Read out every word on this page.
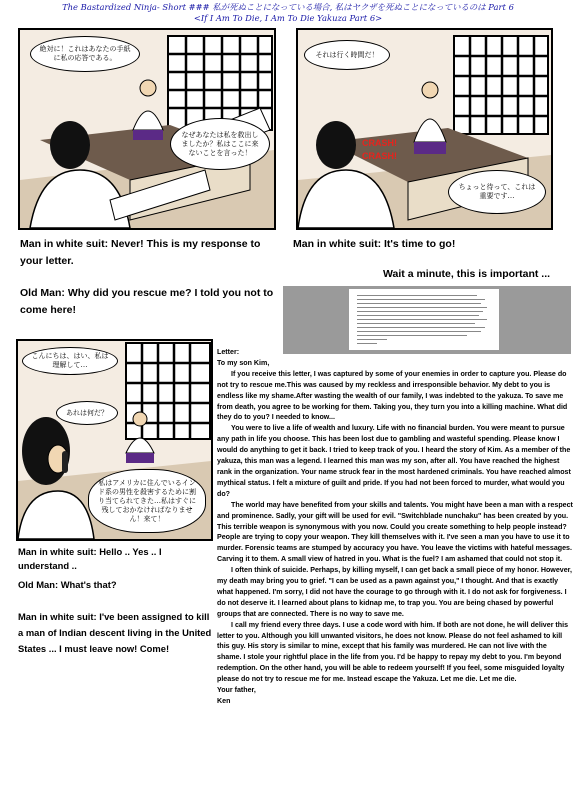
The Bastardized Ninja- Short ### 私が死ぬことになっている場合, 私はヤクザを死ぬことになっているのは Part 6
<If I Am To Die, I Am To Die Yakuza Part 6>
絶対に！これはあなたの手紙に私の応答である。
なぜあなたは私を救出しましたか？私はここに来ないことを言った！
Man in white suit: Never! This is my response to your letter.
Old Man: Why did you rescue me? I told you not to come here!
それは行く時間だ！
CRASH!
CRASH!
ちょっと待って、これは重要です…
Man in white suit: It's time to go!
Wait a minute, this is important ...
こんにちは、はい、私は理解して…
あれは何だ？
私はアメリカに住んでいるインド系の男性を殺害するために割り当てられてきた…私はすぐに残しておかなければなりません！来て！
Man in white suit: Hello .. Yes .. I understand ..
Old Man: What's that?
Man in white suit: I've been assigned to kill a man of Indian descent living in the United States ... I must leave now! Come!

Letter:

To my son Kim,

If you receive this letter, I was captured by some of your enemies in order to capture you. Please do not try to rescue me.This was caused by my reckless and irresponsible behavior. My debt to you is endless like my shame.After wasting the wealth of our family, I was indebted to the yakuza. To save me from death, you agree to be working for them. Taking you, they turn you into a killing machine. What did they do to you? I needed to know...

You were to live a life of wealth and luxury. Life with no financial burden. You were meant to pursue any path in life you choose. This has been lost due to gambling and wasteful spending. Please know I would do anything to get it back. I tried to keep track of you. I heard the story of Kim. As a member of the yakuza, this man was a legend. I learned this man was my son, after all. You have reached the highest rank in the organization. Your name struck fear in the most hardened criminals. You have reached almost mythical status. I felt a mixture of guilt and pride. If you had not been forced to murder, what would you do?

The world may have benefited from your skills and talents. You might have been a man with a respect and prominence. Sadly, your gift will be used for evil. "Switchblade nunchaku" has been created by you. This terrible weapon is synonymous with you now. Could you create something to help people instead? People are trying to copy your weapon. They kill themselves with it. I've seen a man you have to use it to murder. Forensic teams are stumped by accuracy you have. You leave the victims with hateful messages. Carving it to them. A small view of hatred in you. What is the fuel? I am ashamed that could not stop it.

I often think of suicide. Perhaps, by killing myself, I can get back a small piece of my honor. However, my death may bring you to grief. "I can be used as a pawn against you," I thought. And that is exactly what happened. I'm sorry, I did not have the courage to go through with it. I do not ask for forgiveness. I do not deserve it. I learned about plans to kidnap me, to trap you. You are being chased by powerful groups that are connected. There is no way to save me.

I call my friend every three days. I use a code word with him. If both are not done, he will deliver this letter to you. Although you kill unwanted visitors, he does not know. Please do not feel ashamed to kill this guy. His story is similar to mine, except that his family was murdered. He can not live with the shame. I stole your rightful place in the life from you. I'd be happy to repay my debt to you. I'm beyond redemption. On the other hand, you will be able to redeem yourself! If you feel, some misguided loyalty please do not try to rescue me for me. Instead escape the Yakuza. Let me die. Let me die.

Your father,

Ken
